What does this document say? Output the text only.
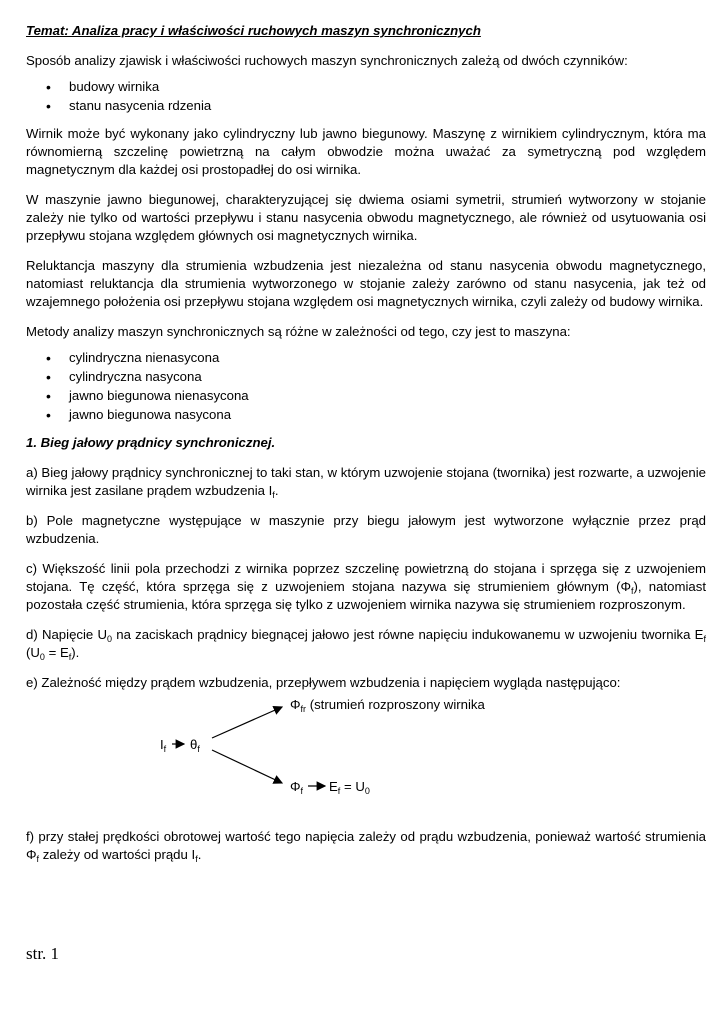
Temat: Analiza pracy i właściwości ruchowych maszyn synchronicznych

Sposób analizy zjawisk i właściwości ruchowych maszyn synchronicznych zależą od dwóch czynników:

• budowy wirnika
• stanu nasycenia rdzenia

Wirnik może być wykonany jako cylindryczny lub jawno biegunowy. Maszynę z wirnikiem cylindrycznym, która ma równomierną szczelinę powietrzną na całym obwodzie można uważać za symetryczną pod względem magnetycznym dla każdej osi prostopadłej do osi wirnika.

W maszynie jawno biegunowej, charakteryzującej się dwiema osiami symetrii, strumień wytworzony w stojanie zależy nie tylko od wartości przepływu i stanu nasycenia obwodu magnetycznego, ale również od usytuowania osi przepływu stojana względem głównych osi magnetycznych wirnika.

Reluktancja maszyny dla strumienia wzbudzenia jest niezależna od stanu nasycenia obwodu magnetycznego, natomiast reluktancja dla strumienia wytworzonego w stojanie zależy zarówno od stanu nasycenia, jak też od wzajemnego położenia osi przepływu stojana względem osi magnetycznych wirnika, czyli zależy od budowy wirnika.

Metody analizy maszyn synchronicznych są różne w zależności od tego, czy jest to maszyna:

• cylindryczna nienasycona
• cylindryczna nasycona
• jawno biegunowa nienasycona
• jawno biegunowa nasycona
1. Bieg jałowy prądnicy synchronicznej.

a) Bieg jałowy prądnicy synchronicznej to taki stan, w którym uzwojenie stojana (twornika) jest rozwarte, a uzwojenie wirnika jest zasilane prądem wzbudzenia $I_f$.

b) Pole magnetyczne występujące w maszynie przy biegu jałowym jest wytworzone wyłącznie przez prąd wzbudzenia.

c) Większość linii pola przechodzi z wirnika poprzez szczelinę powietrzną do stojana i sprzęga się z uzwojeniem stojana. Tę część, która sprzęga się z uzwojeniem stojana nazywa się strumieniem głównym $(\Phi_f)$, natomiast pozostała część strumienia, która sprzęga się tylko z uzwojeniem wirnika nazywa się strumieniem rozproszonym.

d) Napięcie $U_0$ na zaciskach prądnicy biegnącej jałowo jest równe napięciu indukowanemu w uzwojeniu twornika $E_f$ $(U_0 = E_f)$.

e) Zależność między prądem wzbudzenia, przepływem wzbudzenia i napięciem wygląda następująco:

$I_f$ $\theta_f$
$\Phi_{fr}$ (strumień rozproszony wirnika
$\Phi_f$ $E_f = U_0$

f) przy stałej prędkości obrotowej wartość tego napięcia zależy od prądu wzbudzenia, ponieważ wartość strumienia $\Phi_f$ zależy od wartości prądu $I_f$.

str. 1
